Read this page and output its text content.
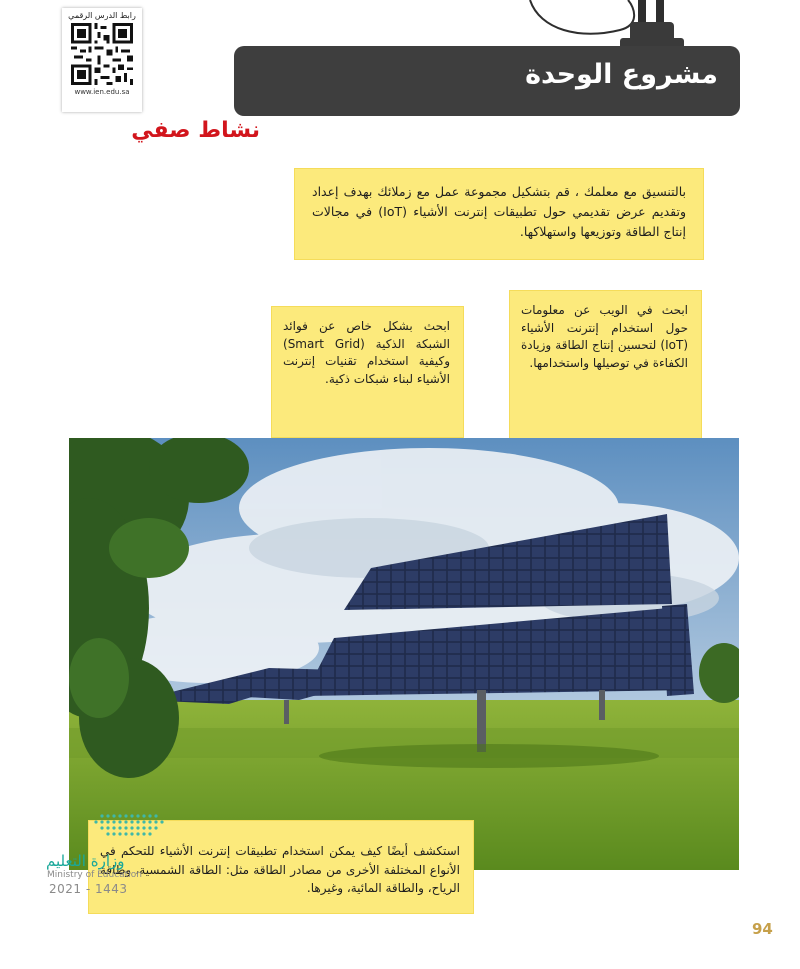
رابط الدرس الرقمي
www.ien.edu.sa
مشروع الوحدة
نشاط صفي
بالتنسيق مع معلمك ، قم بتشكيل مجموعة عمل مع زملائك بهدف إعداد وتقديم عرض تقديمي حول تطبيقات إنترنت الأشياء (IoT) في مجالات إنتاج الطاقة وتوزيعها واستهلاكها.
ابحث في الويب عن معلومات حول استخدام إنترنت الأشياء (IoT) لتحسين إنتاج الطاقة وزيادة الكفاءة في توصيلها واستخدامها.
ابحث بشكل خاص عن فوائد الشبكة الذكية (Smart Grid) وكيفية استخدام تقنيات إنترنت الأشياء لبناء شبكات ذكية.
استكشف أيضًا كيف يمكن استخدام تطبيقات إنترنت الأشياء للتحكم في الأنواع المختلفة الأخرى من مصادر الطاقة مثل: الطاقة الشمسية، وطاقة الرياح، والطاقة المائية، وغيرها.
وزارة التعليم
Ministry of Education
2021 - 1443
94
